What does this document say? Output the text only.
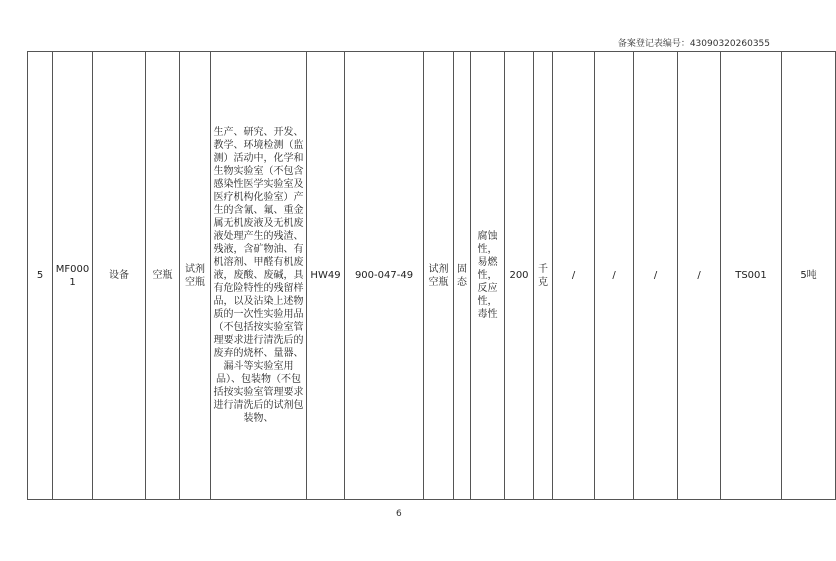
备案登记表编号：43090320260355
5	MF0001	设备	空瓶	试剂空瓶	生产、研究、开发、教学、环境检测（监测）活动中，化学和生物实验室（不包含感染性医学实验室及医疗机构化验室）产生的含氰、氟、重金属无机废液及无机废液处理产生的残渣、残液，含矿物油、有机溶剂、甲醛有机废液，废酸、废碱，具有危险特性的残留样品，以及沾染上述物质的一次性实验用品（不包括按实验室管理要求进行清洗后的废弃的烧杯、量器、漏斗等实验室用品）、包装物（不包括按实验室管理要求进行清洗后的试剂包装物、	HW49	900-047-49	试剂空瓶	固态	腐蚀性，易燃性，反应性，毒性	200	千克	/	/	/	/	TS001	5吨
6
